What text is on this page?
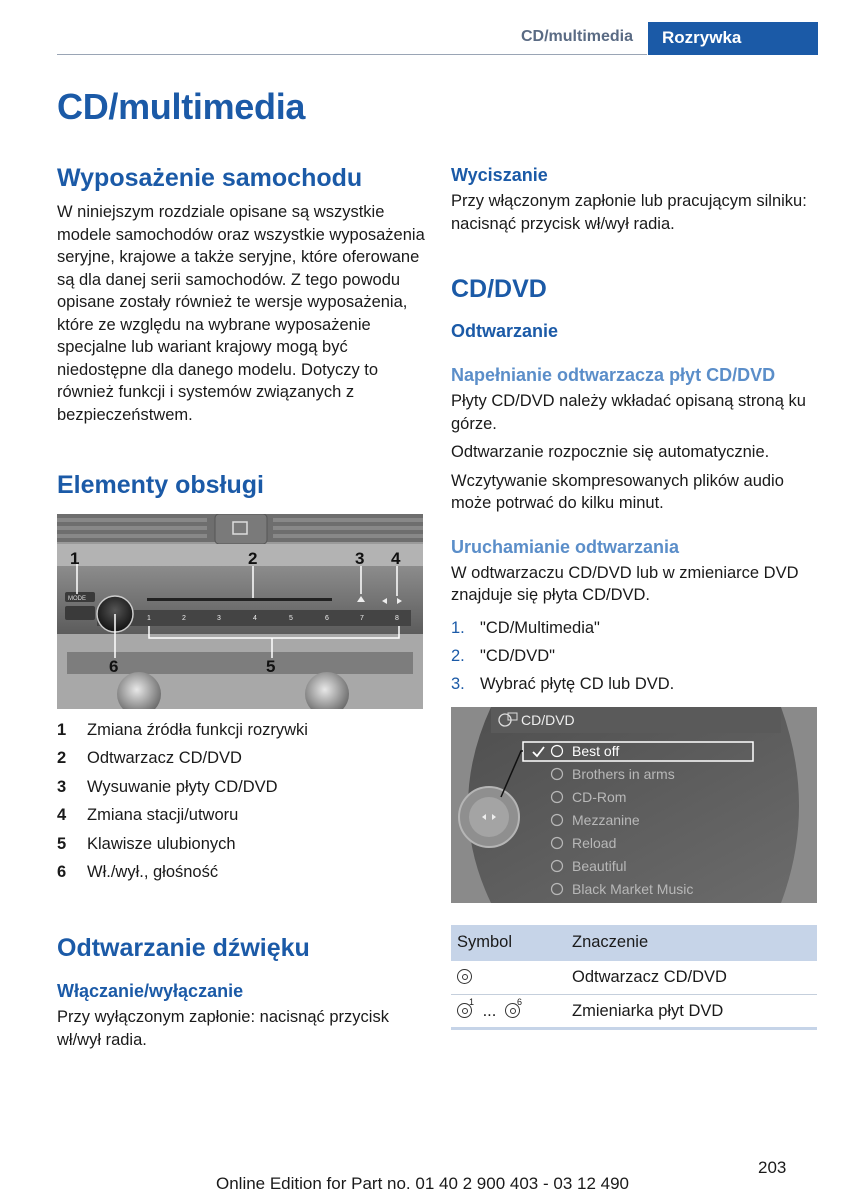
CD/multimedia	Rozrywka
CD/multimedia
Wyposażenie samochodu

W niniejszym rozdziale opisane są wszystkie modele samochodów oraz wszystkie wyposażenia seryjne, krajowe a także seryjne, które oferowane są dla danej serii samochodów. Z tego powodu opisane zostały również te wersje wyposażenia, które ze względu na wybrane wyposażenie specjalne lub wariant krajowy mogą być niedostępne dla danego modelu. Dotyczy to również funkcji i systemów związanych z bezpieczeństwem.

Elementy obsługi
MODE
1	2	3	4	5	6	7	8
1	2	3 4
5
6
1	Zmiana źródła funkcji rozrywki
2	Odtwarzacz CD/DVD
3	Wysuwanie płyty CD/DVD
4	Zmiana stacji/utworu
5	Klawisze ulubionych
6	Wł./wył., głośność
Odtwarzanie dźwięku
Włączanie/wyłączanie

Przy wyłączonym zapłonie: nacisnąć przycisk wł/wył radia.

Wyciszanie

Przy włączonym zapłonie lub pracującym silniku: nacisnąć przycisk wł/wył radia.

CD/DVD
Odtwarzanie
Napełnianie odtwarzacza płyt CD/DVD

Płyty CD/DVD należy wkładać opisaną stroną ku górze.

Odtwarzanie rozpocznie się automatycznie.

Wczytywanie skompresowanych plików audio może potrwać do kilku minut.

Uruchamianie odtwarzania

W odtwarzaczu CD/DVD lub w zmieniarce DVD znajduje się płyta CD/DVD.

1. "CD/Multimedia"
2. "CD/DVD"
3. Wybrać płytę CD lub DVD.
CD/DVD
Best off
Brothers in arms
CD-Rom
Mezzanine
Reload
Beautiful
Black Market Music
Symbol	Znaczenie
	Odtwarzacz CD/DVD

1 ... 6	Zmieniarka płyt DVD
203
Online Edition for Part no. 01 40 2 900 403 - 03 12 490
